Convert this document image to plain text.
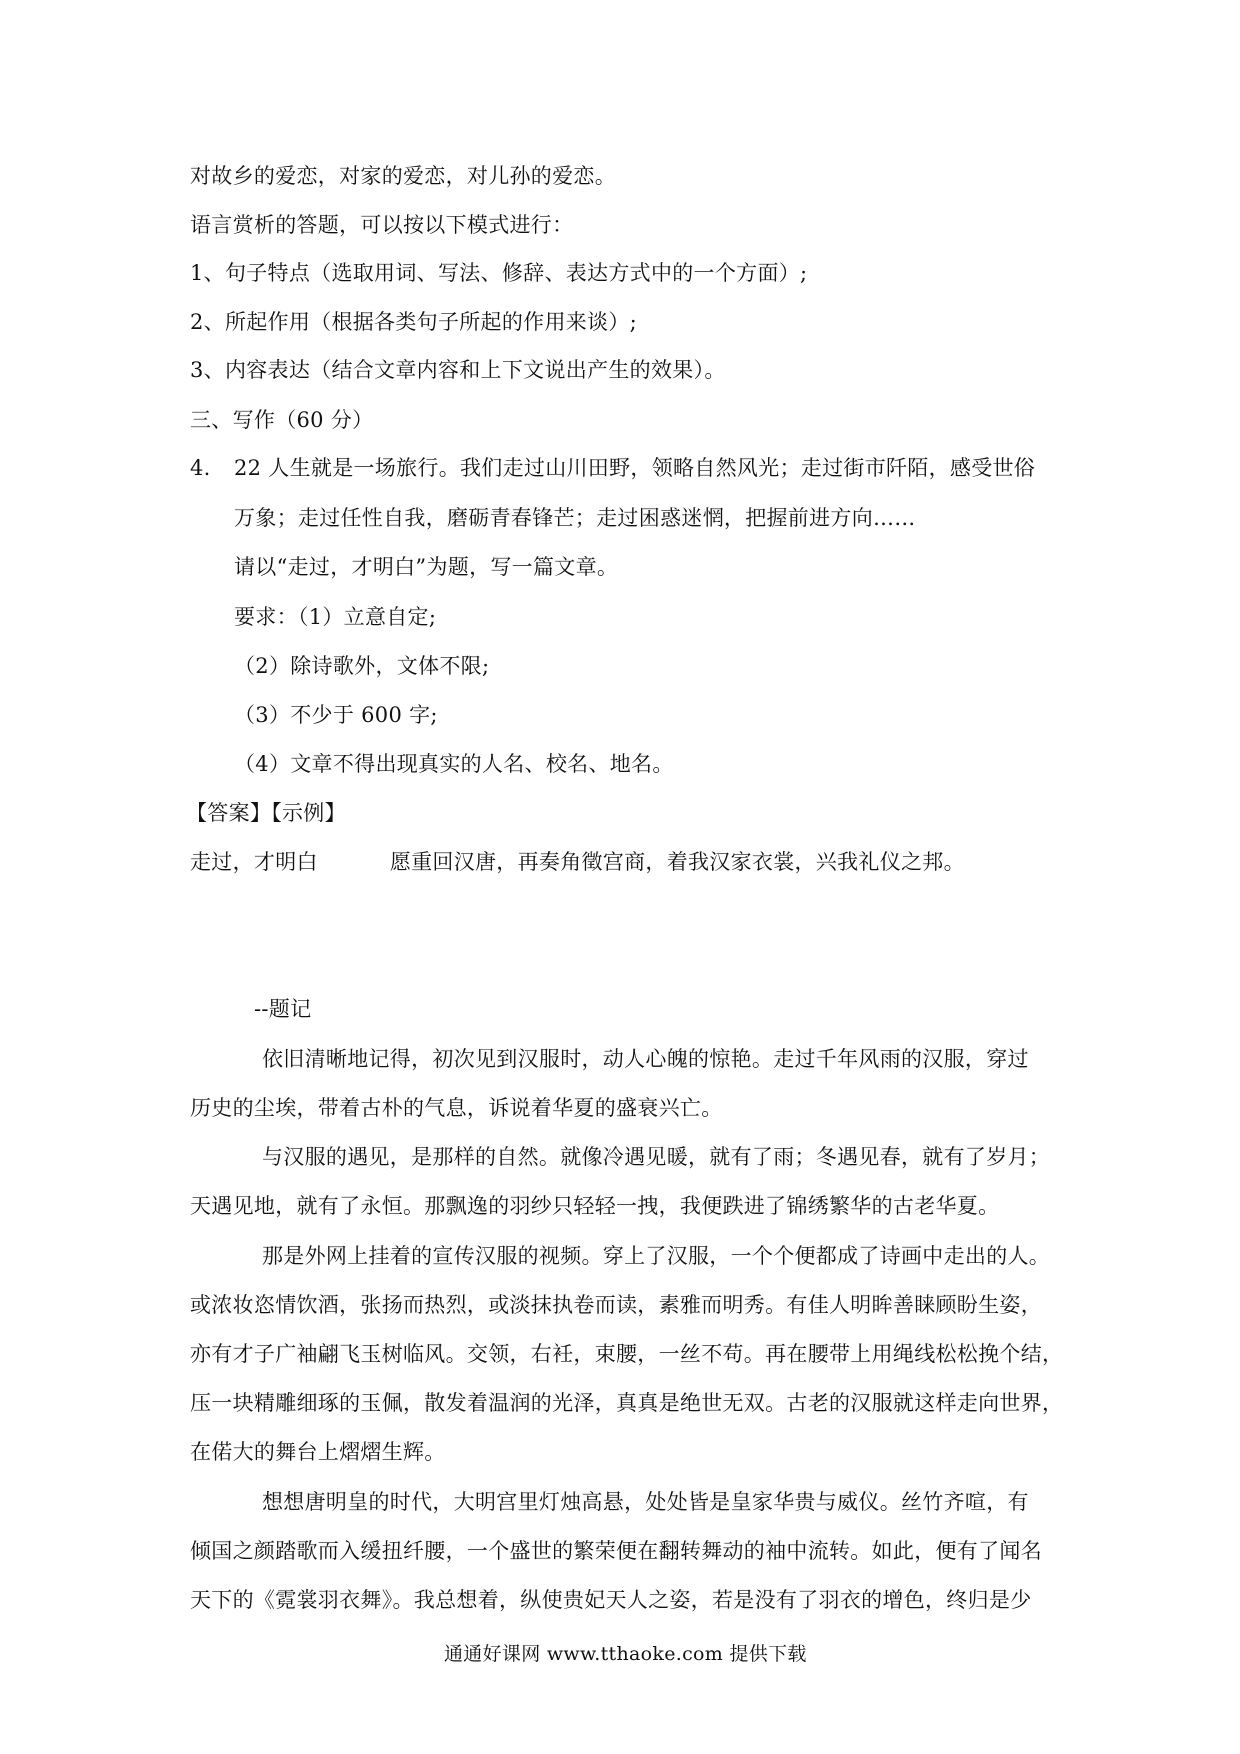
对故乡的爱恋，对家的爱恋，对儿孙的爱恋。
语言赏析的答题，可以按以下模式进行：
1、句子特点（选取用词、写法、修辞、表达方式中的一个方面）;
2、所起作用（根据各类句子所起的作用来谈）;
3、内容表达（结合文章内容和上下文说出产生的效果）。
三、写作（60 分）
4. 22 人生就是一场旅行。我们走过山川田野，领略自然风光；走过街市阡陌，感受世俗
万象；走过任性自我，磨砺青春锋芒；走过困惑迷惘，把握前进方向……
请以“走过，才明白”为题，写一篇文章。
要求：（1）立意自定;
（2）除诗歌外，文体不限;
（3）不少于 600 字;
（4）文章不得出现真实的人名、校名、地名。
【答案】【示例】
走过，才明白	愿重回汉唐，再奏角徵宫商，着我汉家衣裳，兴我礼仪之邦。
--题记
依旧清晰地记得，初次见到汉服时，动人心魄的惊艳。走过千年风雨的汉服，穿过
历史的尘埃，带着古朴的气息，诉说着华夏的盛衰兴亡。
与汉服的遇见，是那样的自然。就像冷遇见暖，就有了雨；冬遇见春，就有了岁月；
天遇见地，就有了永恒。那飘逸的羽纱只轻轻一拽，我便跌进了锦绣繁华的古老华夏。
那是外网上挂着的宣传汉服的视频。穿上了汉服，一个个便都成了诗画中走出的人。
或浓妆恣情饮酒，张扬而热烈，或淡抹执卷而读，素雅而明秀。有佳人明眸善睐顾盼生姿，
亦有才子广袖翩飞玉树临风。交领，右衽，束腰，一丝不苟。再在腰带上用绳线松松挽个结，
压一块精雕细琢的玉佩，散发着温润的光泽，真真是绝世无双。古老的汉服就这样走向世界，
在偌大的舞台上熠熠生辉。
想想唐明皇的时代，大明宫里灯烛高悬，处处皆是皇家华贵与威仪。丝竹齐喧，有
倾国之颜踏歌而入缓扭纤腰，一个盛世的繁荣便在翻转舞动的袖中流转。如此，便有了闻名
天下的《霓裳羽衣舞》。我总想着，纵使贵妃天人之姿，若是没有了羽衣的增色，终归是少
通通好课网 www.tthaoke.com 提供下载
